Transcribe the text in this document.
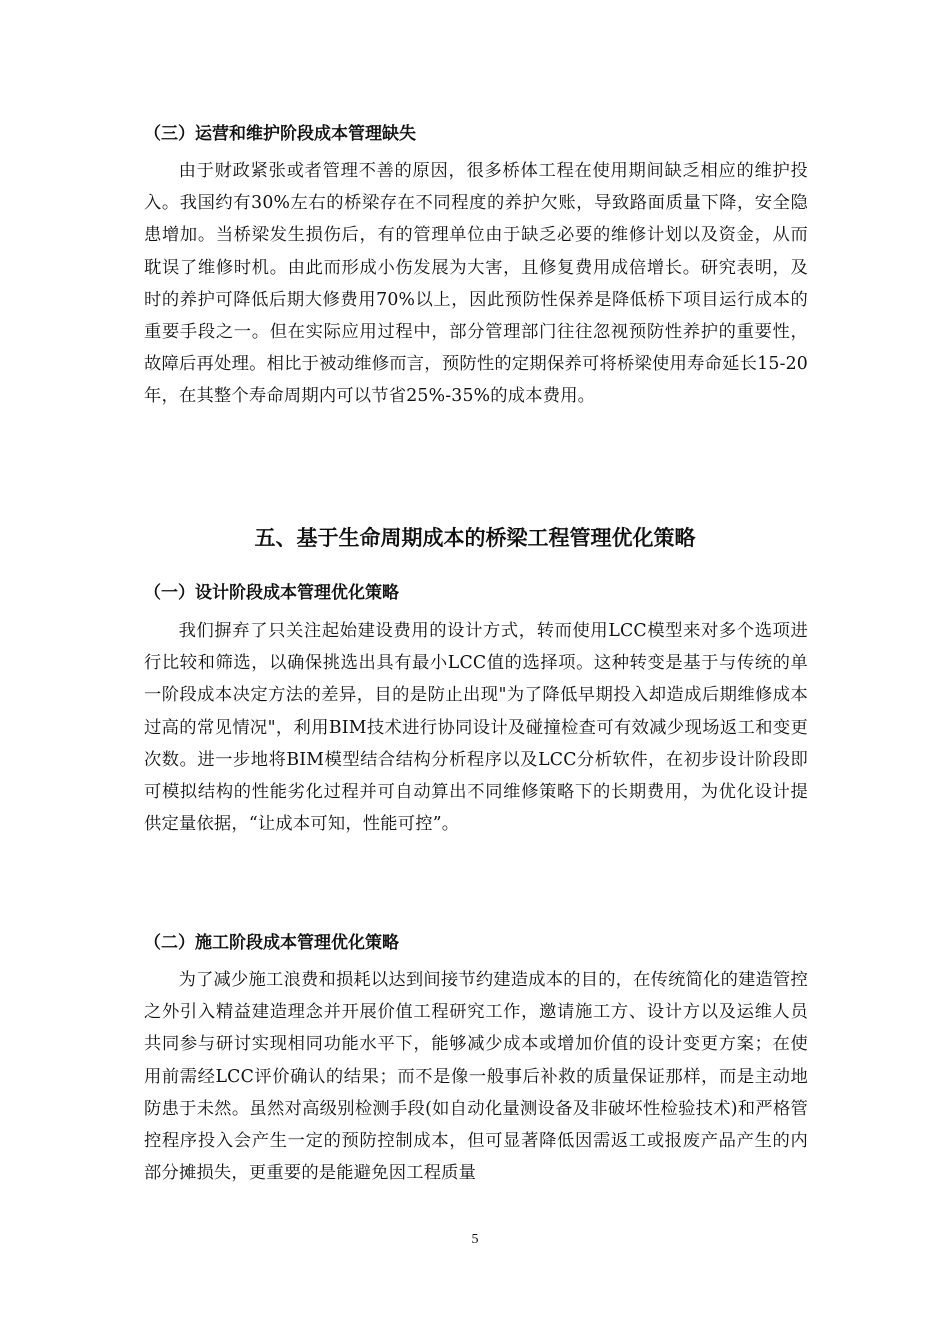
（三）运营和维护阶段成本管理缺失

由于财政紧张或者管理不善的原因，很多桥体工程在使用期间缺乏相应的维护投入。我国约有30%左右的桥梁存在不同程度的养护欠账，导致路面质量下降，安全隐患增加。当桥梁发生损伤后，有的管理单位由于缺乏必要的维修计划以及资金，从而耽误了维修时机。由此而形成小伤发展为大害，且修复费用成倍增长。研究表明，及时的养护可降低后期大修费用70%以上，因此预防性保养是降低桥下项目运行成本的重要手段之一。但在实际应用过程中，部分管理部门往往忽视预防性养护的重要性，故障后再处理。相比于被动维修而言，预防性的定期保养可将桥梁使用寿命延长15-20年，在其整个寿命周期内可以节省25%-35%的成本费用。

五、基于生命周期成本的桥梁工程管理优化策略
（一）设计阶段成本管理优化策略

我们摒弃了只关注起始建设费用的设计方式，转而使用LCC模型来对多个选项进行比较和筛选，以确保挑选出具有最小LCC值的选择项。这种转变是基于与传统的单一阶段成本决定方法的差异，目的是防止出现"为了降低早期投入却造成后期维修成本过高的常见情况"，利用BIM技术进行协同设计及碰撞检查可有效减少现场返工和变更次数。进一步地将BIM模型结合结构分析程序以及LCC分析软件，在初步设计阶段即可模拟结构的性能劣化过程并可自动算出不同维修策略下的长期费用，为优化设计提供定量依据，“让成本可知，性能可控”。

（二）施工阶段成本管理优化策略

为了减少施工浪费和损耗以达到间接节约建造成本的目的，在传统简化的建造管控之外引入精益建造理念并开展价值工程研究工作，邀请施工方、设计方以及运维人员共同参与研讨实现相同功能水平下，能够减少成本或增加价值的设计变更方案；在使用前需经LCC评价确认的结果；而不是像一般事后补救的质量保证那样，而是主动地防患于未然。虽然对高级别检测手段(如自动化量测设备及非破坏性检验技术)和严格管控程序投入会产生一定的预防控制成本，但可显著降低因需返工或报废产品产生的内部分摊损失，更重要的是能避免因工程质量

5
